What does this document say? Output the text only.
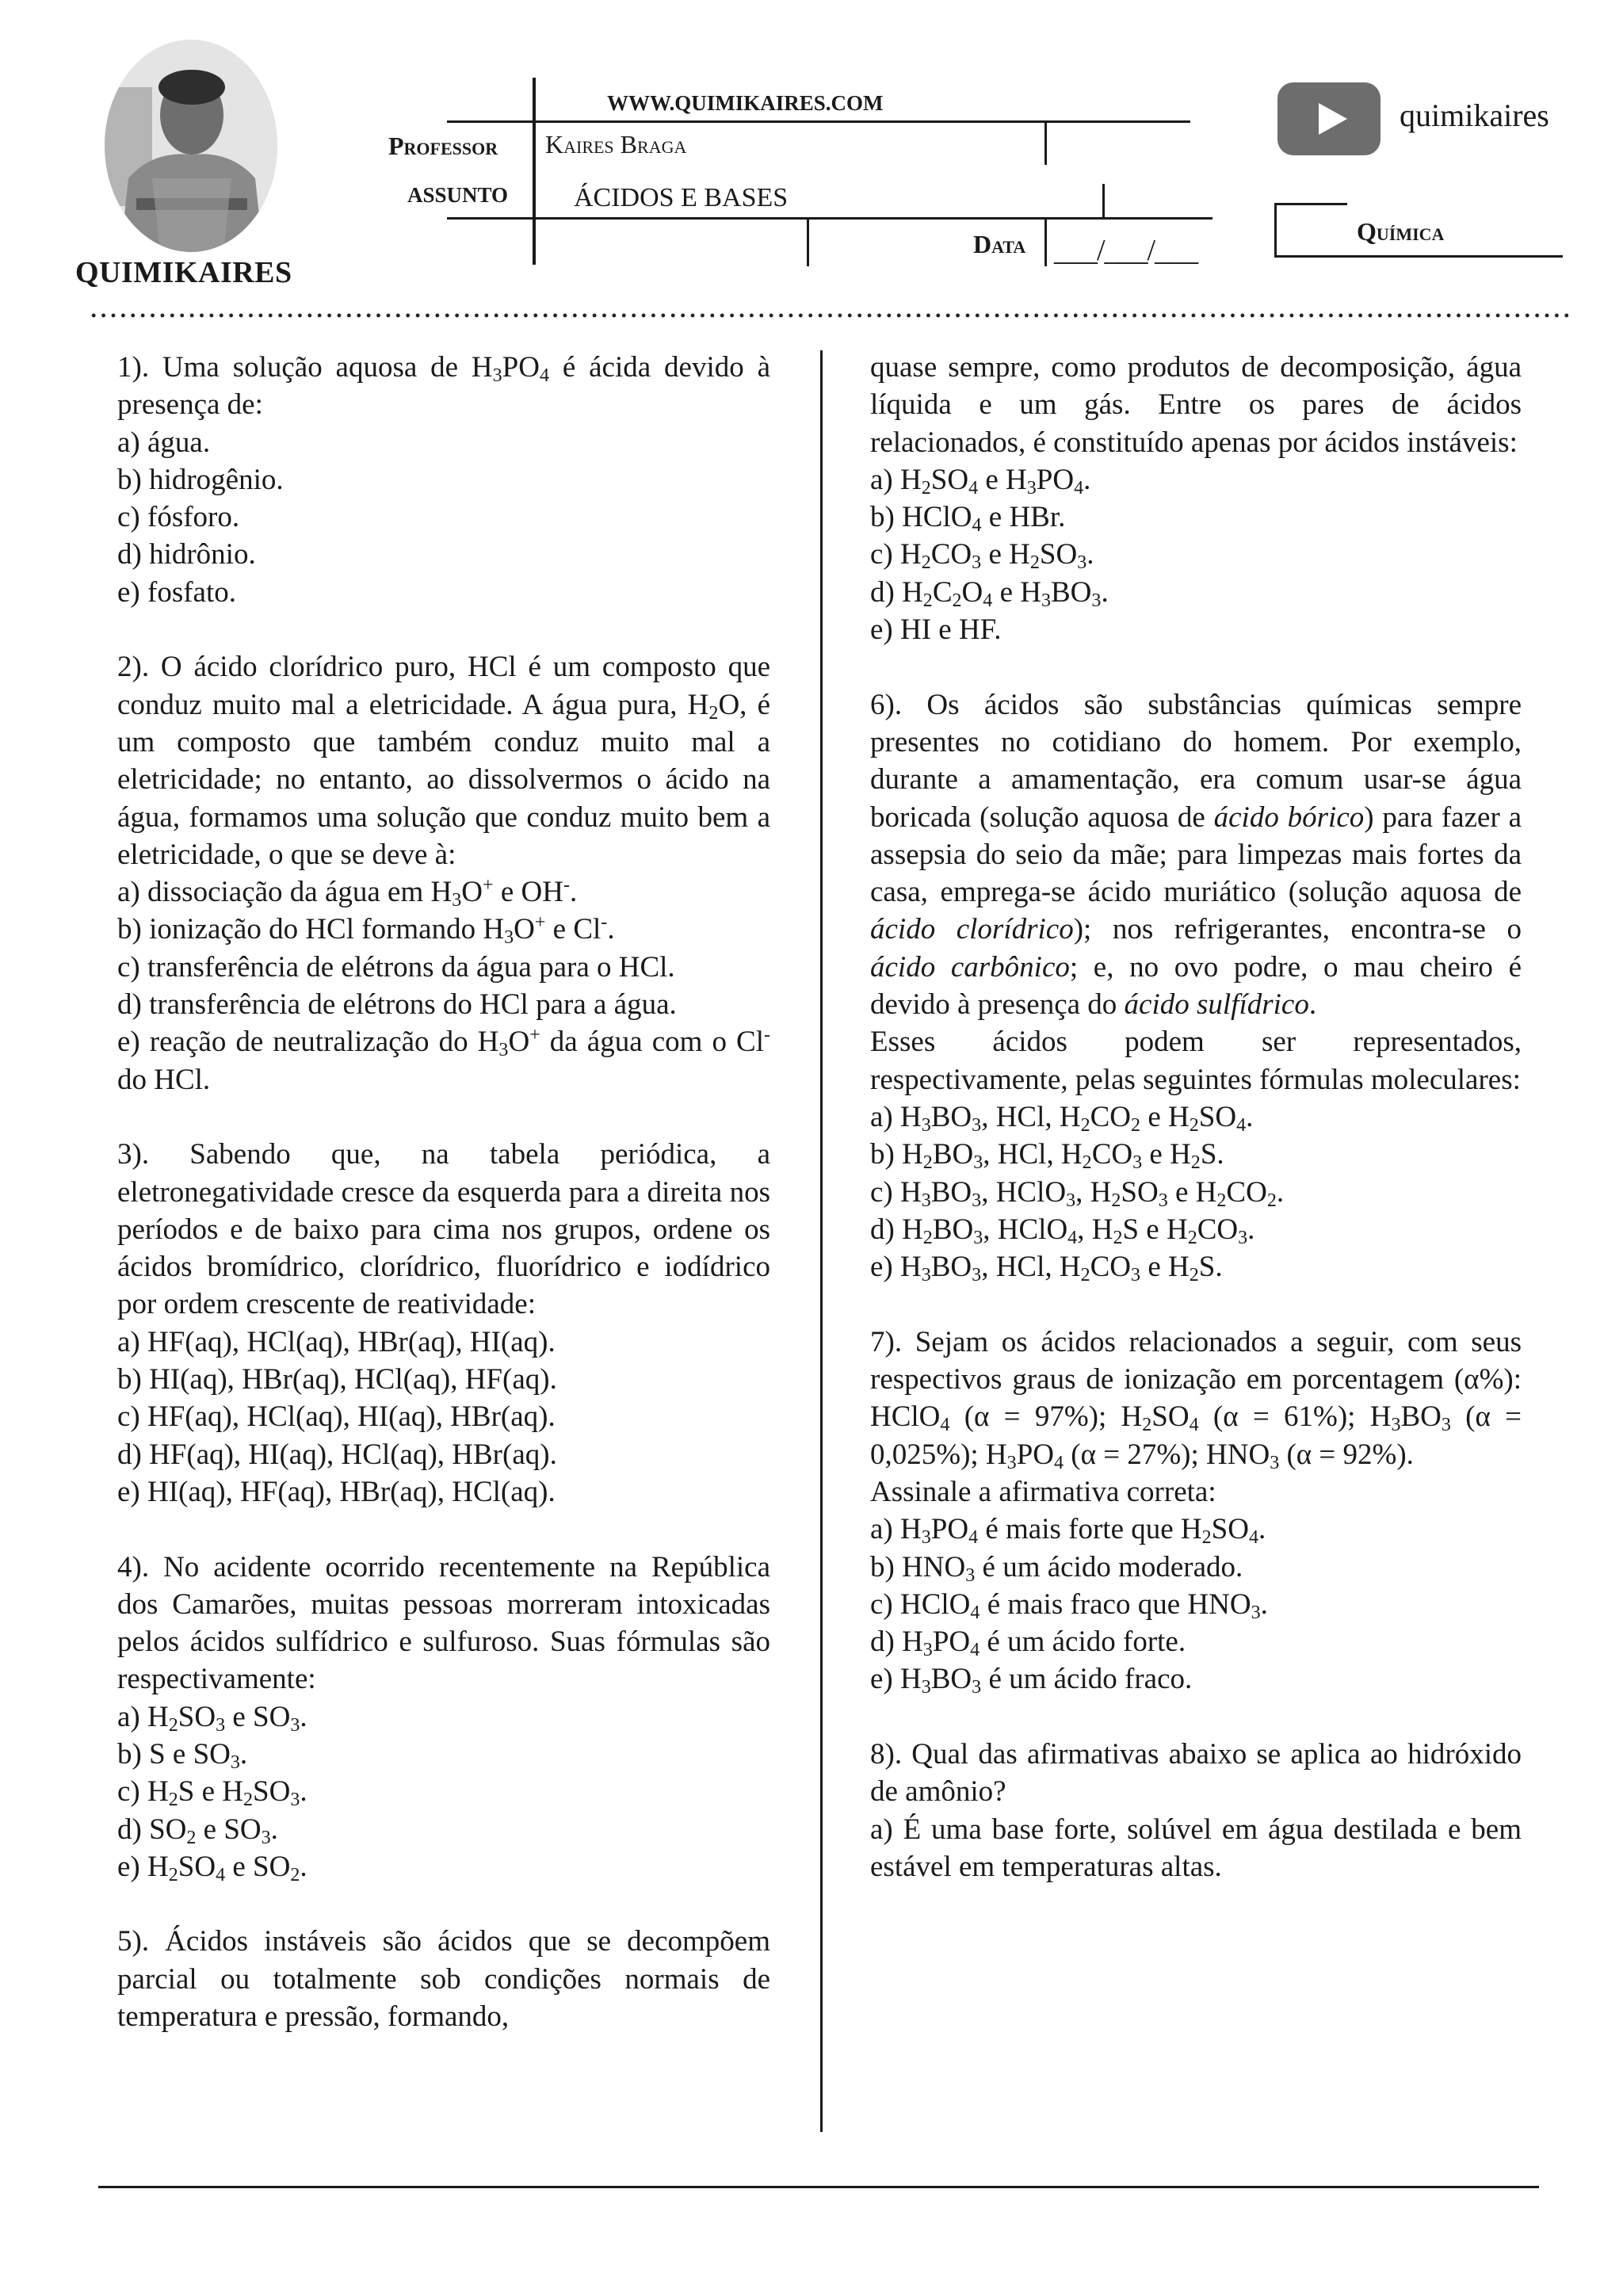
QUIMIKAIRES
WWW.QUIMIKAIRES.COM
Professor Kaires Braga
ASSUNTO ÁCIDOS E BASES
Data ___/___/___
quimikaires
Química

1). Uma solução aquosa de $H_3PO_4$ é ácida devido à presença de:

a) água.

b) hidrogênio.

c) fósforo.

d) hidrônio.

e) fosfato.

2). O ácido clorídrico puro, HCl é um composto que conduz muito mal a eletricidade. A água pura, $H_2O$, é um composto que também conduz muito mal a eletricidade; no entanto, ao dissolvermos o ácido na água, formamos uma solução que conduz muito bem a eletricidade, o que se deve à:

a) dissociação da água em $H_3O^+$ e OH-.

b) ionização do HCl formando $H_3O^+$ e Cl-.

c) transferência de elétrons da água para o HCl.

d) transferência de elétrons do HCl para a água.

e) reação de neutralização do $H_3O^+$ da água com o Cl- do HCl.

3). Sabendo que, na tabela periódica, a eletronegatividade cresce da esquerda para a direita nos períodos e de baixo para cima nos grupos, ordene os ácidos bromídrico, clorídrico, fluorídrico e iodídrico por ordem crescente de reatividade:

a) HF(aq), HCl(aq), HBr(aq), HI(aq).

b) HI(aq), HBr(aq), HCl(aq), HF(aq).

c) HF(aq), HCl(aq), HI(aq), HBr(aq).

d) HF(aq), HI(aq), HCl(aq), HBr(aq).

e) HI(aq), HF(aq), HBr(aq), HCl(aq).

4). No acidente ocorrido recentemente na República dos Camarões, muitas pessoas morreram intoxicadas pelos ácidos sulfídrico e sulfuroso. Suas fórmulas são respectivamente:

a) $H_2SO_3$ e $SO_3$.

b) S e $SO_3$.

c) $H_2S$ e $H_2SO_3$.

d) $SO_2$ e $SO_3$.

e) $H_2SO_4$ e $SO_2$.

5). Ácidos instáveis são ácidos que se decompõem parcial ou totalmente sob condições normais de temperatura e pressão, formando,

quase sempre, como produtos de decomposição, água líquida e um gás. Entre os pares de ácidos relacionados, é constituído apenas por ácidos instáveis:

a) $H_2SO_4$ e $H_3PO_4$.

b) HClO$_4$ e HBr.

c) $H_2CO_3$ e $H_2SO_3$.

d) $H_2C_2O_4$ e $H_3BO_3$.

e) HI e HF.

6). Os ácidos são substâncias químicas sempre presentes no cotidiano do homem. Por exemplo, durante a amamentação, era comum usar-se água boricada (solução aquosa de ácido bórico) para fazer a assepsia do seio da mãe; para limpezas mais fortes da casa, emprega-se ácido muriático (solução aquosa de ácido clorídrico); nos refrigerantes, encontra-se o ácido carbônico; e, no ovo podre, o mau cheiro é devido à presença do ácido sulfídrico.

Esses ácidos podem ser representados, respectivamente, pelas seguintes fórmulas moleculares:

a) $H_3BO_3$, HCl, $H_2CO_2$ e $H_2SO_4$.

b) $H_2BO_3$, HCl, $H_2CO_3$ e $H_2S$.

c) $H_3BO_3$, HClO$_3$, $H_2SO_3$ e $H_2CO_2$.

d) $H_2BO_3$, HClO$_4$, $H_2S$ e $H_2CO_3$.

e) $H_3BO_3$, HCl, $H_2CO_3$ e $H_2S$.

7). Sejam os ácidos relacionados a seguir, com seus respectivos graus de ionização em porcentagem (α%): HClO$_4$ (α = 97%); $H_2SO_4$ (α = 61%); $H_3BO_3$ (α = 0,025%); $H_3PO_4$ (α = 27%); $HNO_3$ (α = 92%).

Assinale a afirmativa correta:

a) $H_3PO_4$ é mais forte que $H_2SO_4$.

b) $HNO_3$ é um ácido moderado.

c) HClO$_4$ é mais fraco que $HNO_3$.

d) $H_3PO_4$ é um ácido forte.

e) $H_3BO_3$ é um ácido fraco.

8). Qual das afirmativas abaixo se aplica ao hidróxido de amônio?

a) É uma base forte, solúvel em água destilada e bem estável em temperaturas altas.
